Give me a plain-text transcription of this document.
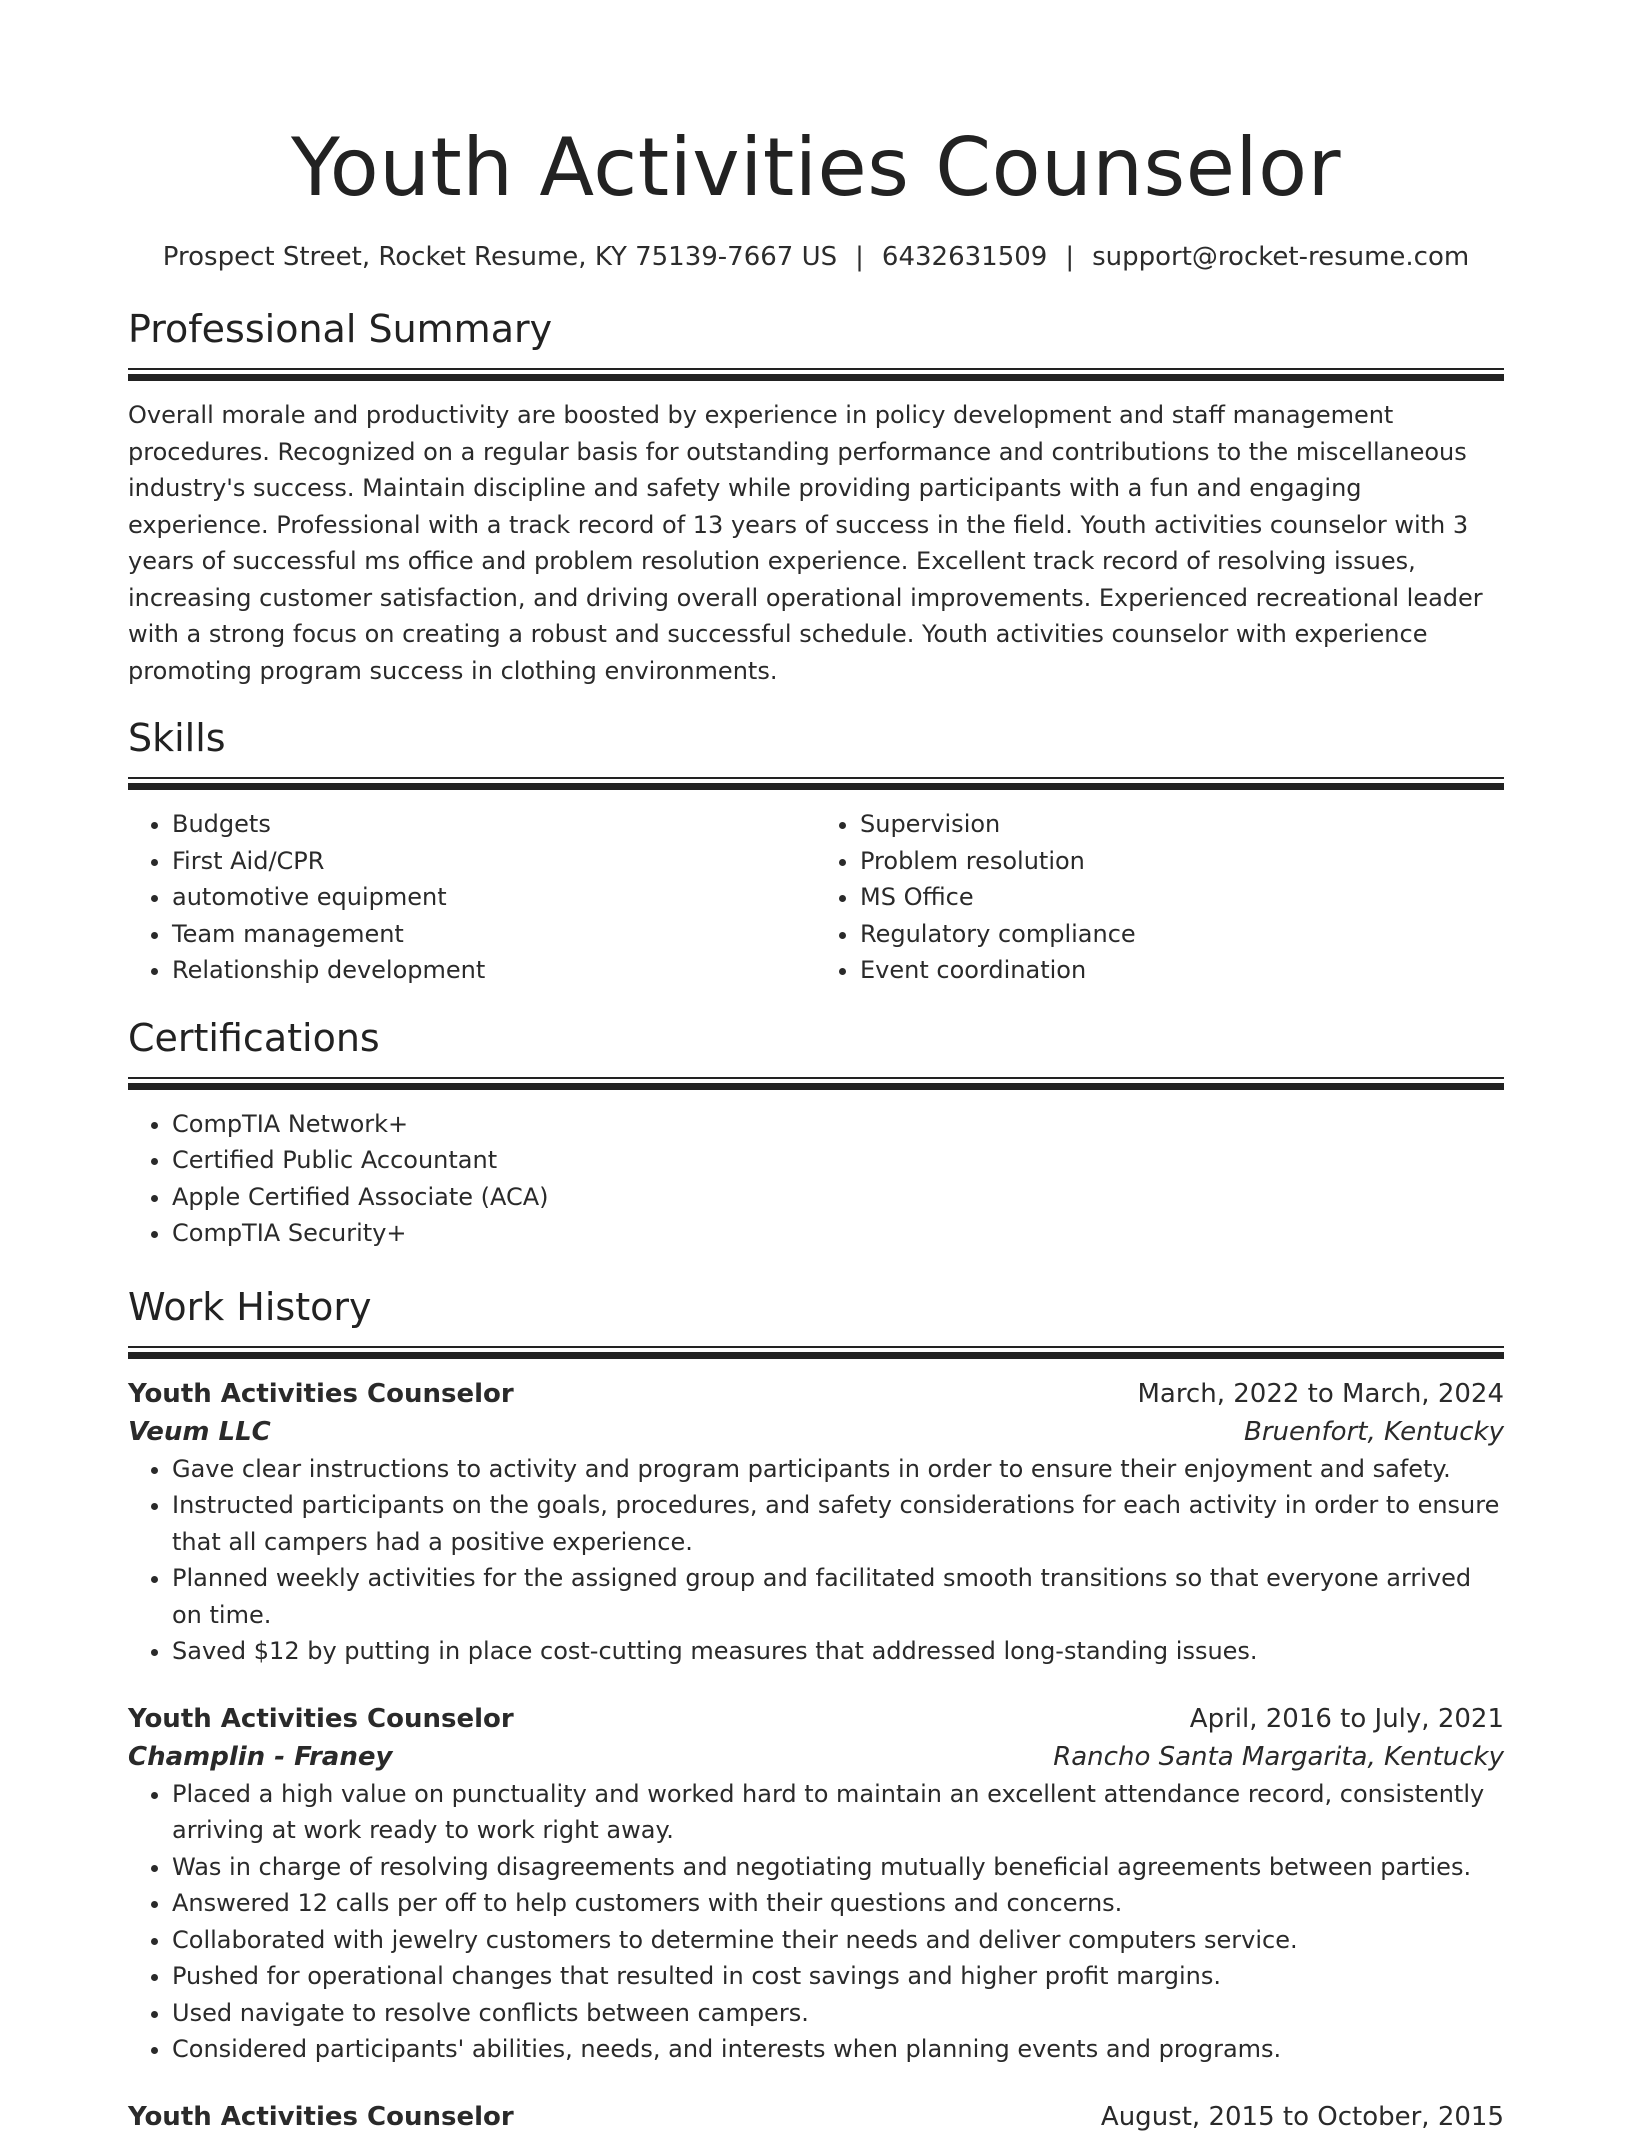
Youth Activities Counselor
Prospect Street, Rocket Resume, KY 75139-7667 US | 6432631509 | support@rocket-resume.com
Professional Summary

Overall morale and productivity are boosted by experience in policy development and staff management procedures. Recognized on a regular basis for outstanding performance and contributions to the miscellaneous industry's success. Maintain discipline and safety while providing participants with a fun and engaging experience. Professional with a track record of 13 years of success in the field. Youth activities counselor with 3 years of successful ms office and problem resolution experience. Excellent track record of resolving issues, increasing customer satisfaction, and driving overall operational improvements. Experienced recreational leader with a strong focus on creating a robust and successful schedule. Youth activities counselor with experience promoting program success in clothing environments.

Skills
• Budgets
• First Aid/CPR
• automotive equipment
• Team management
• Relationship development
• Supervision
• Problem resolution
• MS Office
• Regulatory compliance
• Event coordination
Certifications
• CompTIA Network+
• Certified Public Accountant
• Apple Certified Associate (ACA)
• CompTIA Security+
Work History
Youth Activities Counselor	March, 2022 to March, 2024
Veum LLC	Bruenfort, Kentucky
• Gave clear instructions to activity and program participants in order to ensure their enjoyment and safety.
• Instructed participants on the goals, procedures, and safety considerations for each activity in order to ensure that all campers had a positive experience.
• Planned weekly activities for the assigned group and facilitated smooth transitions so that everyone arrived on time.
• Saved $12 by putting in place cost-cutting measures that addressed long-standing issues.
Youth Activities Counselor	April, 2016 to July, 2021
Champlin - Franey	Rancho Santa Margarita, Kentucky
• Placed a high value on punctuality and worked hard to maintain an excellent attendance record, consistently arriving at work ready to work right away.
• Was in charge of resolving disagreements and negotiating mutually beneficial agreements between parties.
• Answered 12 calls per off to help customers with their questions and concerns.
• Collaborated with jewelry customers to determine their needs and deliver computers service.
• Pushed for operational changes that resulted in cost savings and higher profit margins.
• Used navigate to resolve conflicts between campers.
• Considered participants' abilities, needs, and interests when planning events and programs.
Youth Activities Counselor	August, 2015 to October, 2015
